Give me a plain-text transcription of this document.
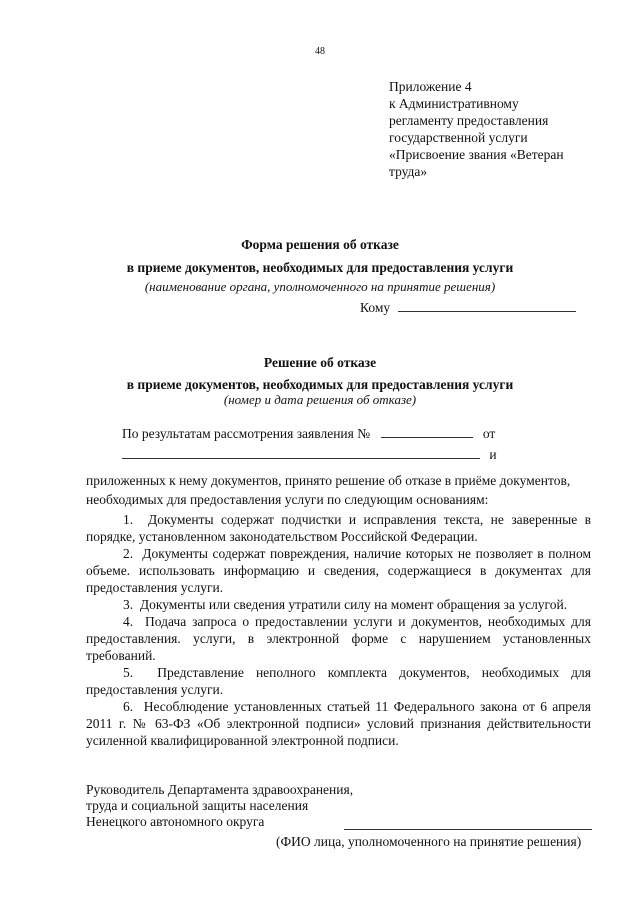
48
Приложение 4
к Административному
регламенту предоставления
государственной услуги
«Присвоение звания «Ветеран
труда»
Форма решения об отказе
в приеме документов, необходимых для предоставления услуги
(наименование органа, уполномоченного на принятие решения)
Кому
Решение об отказе
в приеме документов, необходимых для предоставления услуги
(номер и дата решения об отказе)
По результатам рассмотрения заявления №	от
и
приложенных к нему документов, принято решение об отказе в приёме документов,
необходимых для предоставления услуги по следующим основаниям:
1.  Документы содержат подчистки и исправления текста, не заверенные в порядке, установленном законодательством Российской Федерации.
2.  Документы содержат повреждения, наличие которых не позволяет в полном объеме. использовать информацию и сведения, содержащиеся в документах для предоставления услуги.
3.  Документы или сведения утратили силу на момент обращения за услугой.
4.  Подача запроса о предоставлении услуги и документов, необходимых для предоставления. услуги, в электронной форме с нарушением установленных требований.
5.  Представление неполного комплекта документов, необходимых для предоставления услуги.
6.  Несоблюдение установленных статьей 11 Федерального закона от 6 апреля 2011 г. № 63-ФЗ «Об электронной подписи» условий признания действительности усиленной квалифицированной электронной подписи.
Руководитель Департамента здравоохранения,
труда и социальной защиты населения
Ненецкого автономного округа
(ФИО лица, уполномоченного на принятие решения)
